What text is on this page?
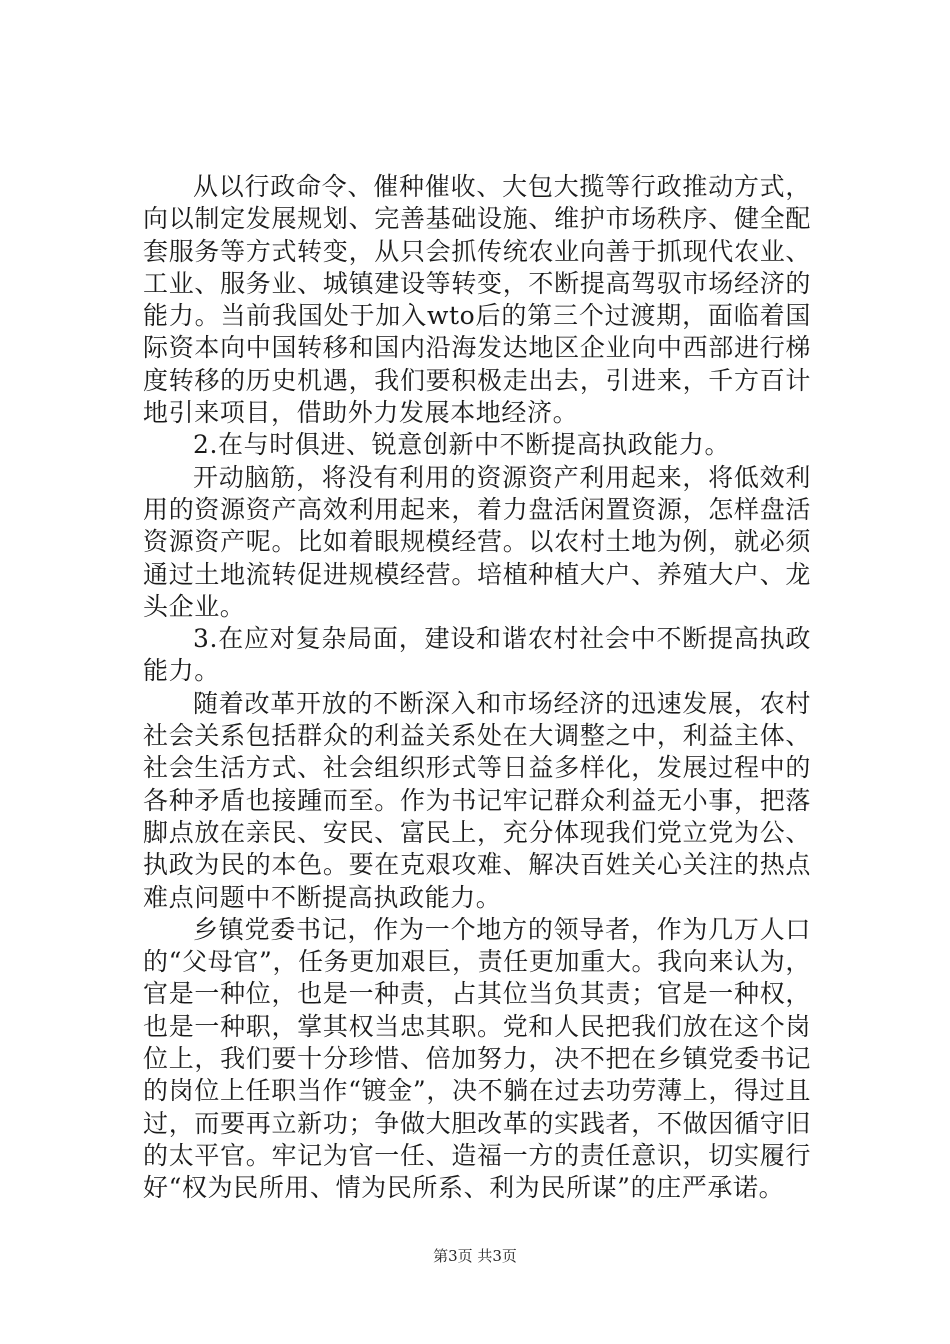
从以行政命令、催种催收、大包大揽等行政推动方式，向以制定发展规划、完善基础设施、维护市场秩序、健全配套服务等方式转变，从只会抓传统农业向善于抓现代农业、工业、服务业、城镇建设等转变，不断提高驾驭市场经济的能力。当前我国处于加入wto后的第三个过渡期，面临着国际资本向中国转移和国内沿海发达地区企业向中西部进行梯度转移的历史机遇，我们要积极走出去，引进来，千方百计地引来项目，借助外力发展本地经济。

2.在与时俱进、锐意创新中不断提高执政能力。

开动脑筋，将没有利用的资源资产利用起来，将低效利用的资源资产高效利用起来，着力盘活闲置资源，怎样盘活资源资产呢。比如着眼规模经营。以农村土地为例，就必须通过土地流转促进规模经营。培植种植大户、养殖大户、龙头企业。

3.在应对复杂局面，建设和谐农村社会中不断提高执政能力。

随着改革开放的不断深入和市场经济的迅速发展，农村社会关系包括群众的利益关系处在大调整之中，利益主体、社会生活方式、社会组织形式等日益多样化，发展过程中的各种矛盾也接踵而至。作为书记牢记群众利益无小事，把落脚点放在亲民、安民、富民上，充分体现我们党立党为公、执政为民的本色。要在克艰攻难、解决百姓关心关注的热点难点问题中不断提高执政能力。

乡镇党委书记，作为一个地方的领导者，作为几万人口的“父母官”，任务更加艰巨，责任更加重大。我向来认为，官是一种位，也是一种责，占其位当负其责；官是一种权，也是一种职，掌其权当忠其职。党和人民把我们放在这个岗位上，我们要十分珍惜、倍加努力，决不把在乡镇党委书记的岗位上任职当作“镀金”，决不躺在过去功劳薄上，得过且过，而要再立新功；争做大胆改革的实践者，不做因循守旧的太平官。牢记为官一任、造福一方的责任意识，切实履行好“权为民所用、情为民所系、利为民所谋”的庄严承诺。

第3页 共3页
